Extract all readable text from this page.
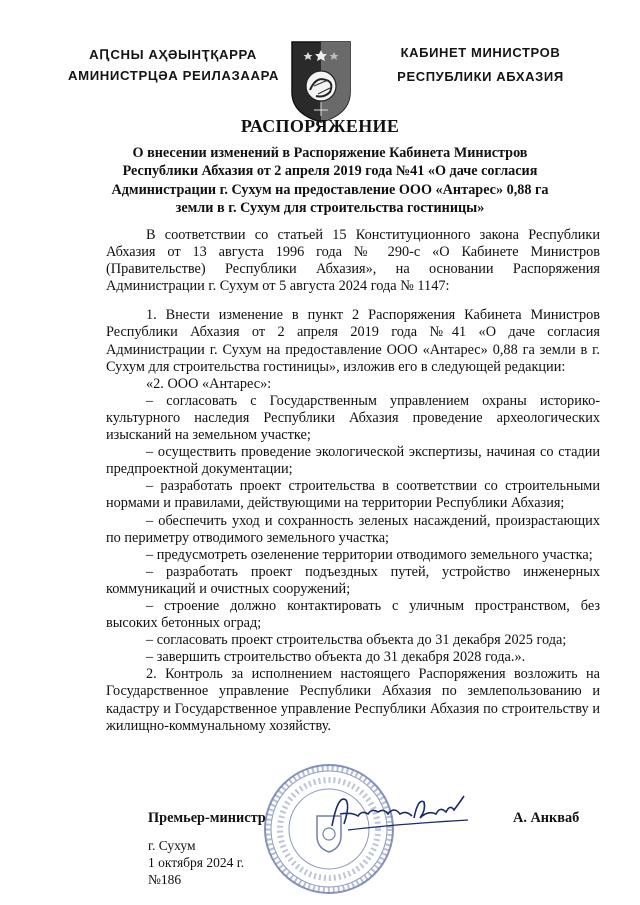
АԤСНЫ АҲӘЫНҬҚАРРА
АМИНИСТРЦӘА РЕИЛАЗААРА
КАБИНЕТ МИНИСТРОВ
РЕСПУБЛИКИ АБХАЗИЯ
РАСПОРЯЖЕНИЕ
О внесении изменений в Распоряжение Кабинета Министров Республики Абхазия от 2 апреля 2019 года №41 «О даче согласия Администрации г. Сухум на предоставление ООО «Антарес» 0,88 га земли в г. Сухум для строительства гостиницы»

В соответствии со статьей 15 Конституционного закона Республики Абхазия от 13 августа 1996 года № 290-с «О Кабинете Министров (Правительстве) Республики Абхазия», на основании Распоряжения Администрации г. Сухум от 5 августа 2024 года № 1147:

1. Внести изменение в пункт 2 Распоряжения Кабинета Министров Республики Абхазия от 2 апреля 2019 года №41 «О даче согласия Администрации г. Сухум на предоставление ООО «Антарес» 0,88 га земли в г. Сухум для строительства гостиницы», изложив его в следующей редакции:

«2. ООО «Антарес»:

– согласовать с Государственным управлением охраны историко-культурного наследия Республики Абхазия проведение археологических изысканий на земельном участке;

– осуществить проведение экологической экспертизы, начиная со стадии предпроектной документации;

– разработать проект строительства в соответствии со строительными нормами и правилами, действующими на территории Республики Абхазия;

– обеспечить уход и сохранность зеленых насаждений, произрастающих по периметру отводимого земельного участка;

– предусмотреть озеленение территории отводимого земельного участка;

– разработать проект подъездных путей, устройство инженерных коммуникаций и очистных сооружений;

– строение должно контактировать с уличным пространством, без высоких бетонных оград;

– согласовать проект строительства объекта до 31 декабря 2025 года;

– завершить строительство объекта до 31 декабря 2028 года.».

2. Контроль за исполнением настоящего Распоряжения возложить на Государственное управление Республики Абхазия по землепользованию и кадастру и Государственное управление Республики Абхазия по строительству и жилищно-коммунальному хозяйству.

Премьер-министр	А. Анкваб
г. Сухум
1 октября 2024 г.
№186
